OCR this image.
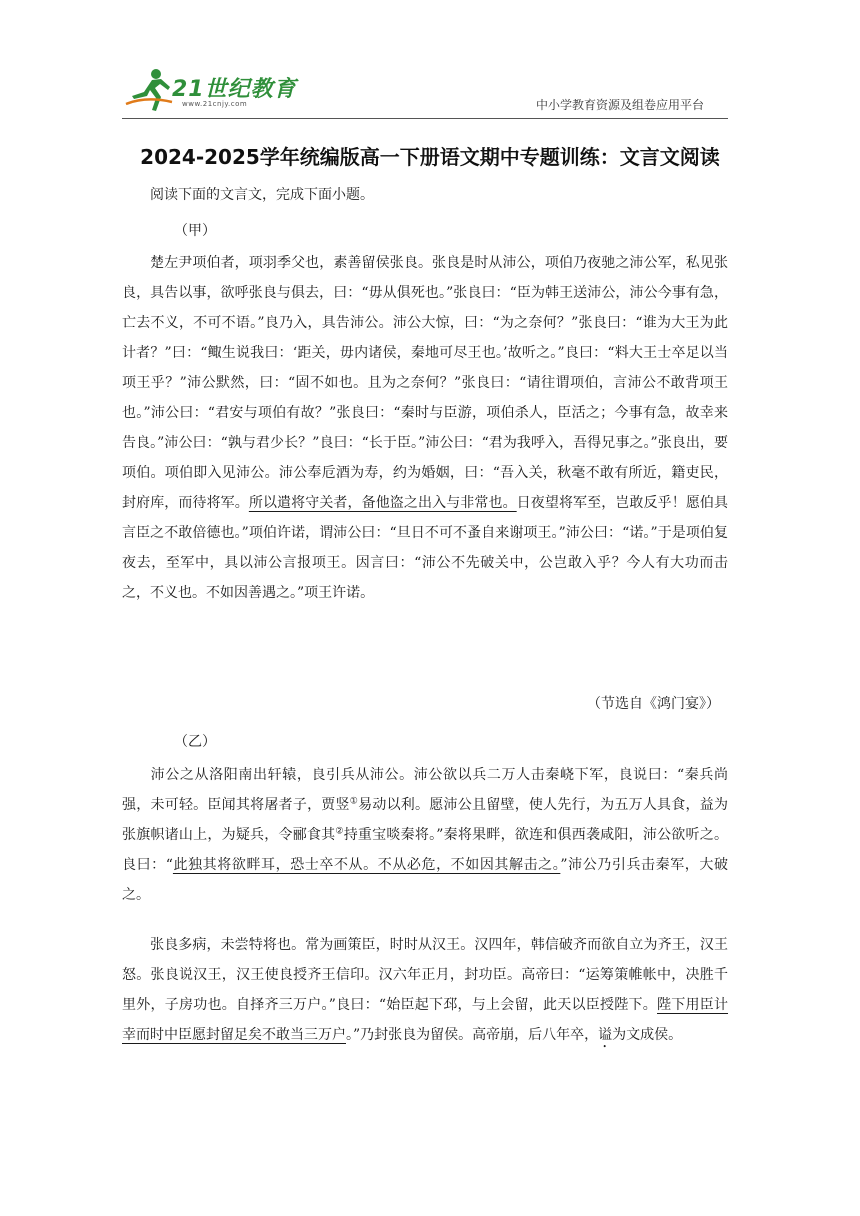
21世纪教育
www.21cnjy.com	中小学教育资源及组卷应用平台
2024-2025学年统编版高一下册语文期中专题训练：文言文阅读

阅读下面的文言文，完成下面小题。

（甲）

楚左尹项伯者，项羽季父也，素善留侯张良。张良是时从沛公，项伯乃夜驰之沛公军，私见张良，具告以事，欲呼张良与俱去，曰：“毋从俱死也。”张良曰：“臣为韩王送沛公，沛公今事有急，亡去不义，不可不语。”良乃入，具告沛公。沛公大惊，曰：“为之奈何？”张良曰：“谁为大王为此计者？”曰：“鲰生说我曰：‘距关，毋内诸侯，秦地可尽王也。’故听之。”良曰：“料大王士卒足以当项王乎？”沛公默然，曰：“固不如也。且为之奈何？”张良曰：“请往谓项伯，言沛公不敢背项王也。”沛公曰：“君安与项伯有故？”张良曰：“秦时与臣游，项伯杀人，臣活之；今事有急，故幸来告良。”沛公曰：“孰与君少长？”良曰：“长于臣。”沛公曰：“君为我呼入，吾得兄事之。”张良出，要项伯。项伯即入见沛公。沛公奉卮酒为寿，约为婚姻，曰：“吾入关，秋毫不敢有所近，籍吏民，封府库，而待将军。所以遣将守关者，备他盗之出入与非常也。日夜望将军至，岂敢反乎！愿伯具言臣之不敢倍德也。”项伯许诺，谓沛公曰：“旦日不可不蚤自来谢项王。”沛公曰：“诺。”于是项伯复夜去，至军中，具以沛公言报项王。因言曰：“沛公不先破关中，公岂敢入乎？今人有大功而击之，不义也。不如因善遇之。”项王许诺。

（节选自《鸿门宴》）
（乙）

沛公之从洛阳南出轩辕，良引兵从沛公。沛公欲以兵二万人击秦峣下军，良说曰：“秦兵尚强，未可轻。臣闻其将屠者子，贾竖①易动以利。愿沛公且留壁，使人先行，为五万人具食，益为张旗帜诸山上，为疑兵，令郦食其②持重宝啖秦将。”秦将果畔，欲连和俱西袭咸阳，沛公欲听之。良曰：“此独其将欲畔耳，恐士卒不从。不从必危，不如因其解击之。”沛公乃引兵击秦军，大破之。

张良多病，未尝特将也。常为画策臣，时时从汉王。汉四年，韩信破齐而欲自立为齐王，汉王怒。张良说汉王，汉王使良授齐王信印。汉六年正月，封功臣。高帝曰：“运筹策帷帐中，决胜千里外，子房功也。自择齐三万户。”良曰：“始臣起下邳，与上会留，此天以臣授陛下。陛下用臣计幸而时中臣愿封留足矣不敢当三万户。”乃封张良为留侯。高帝崩，后八年卒，谥为文成侯。
